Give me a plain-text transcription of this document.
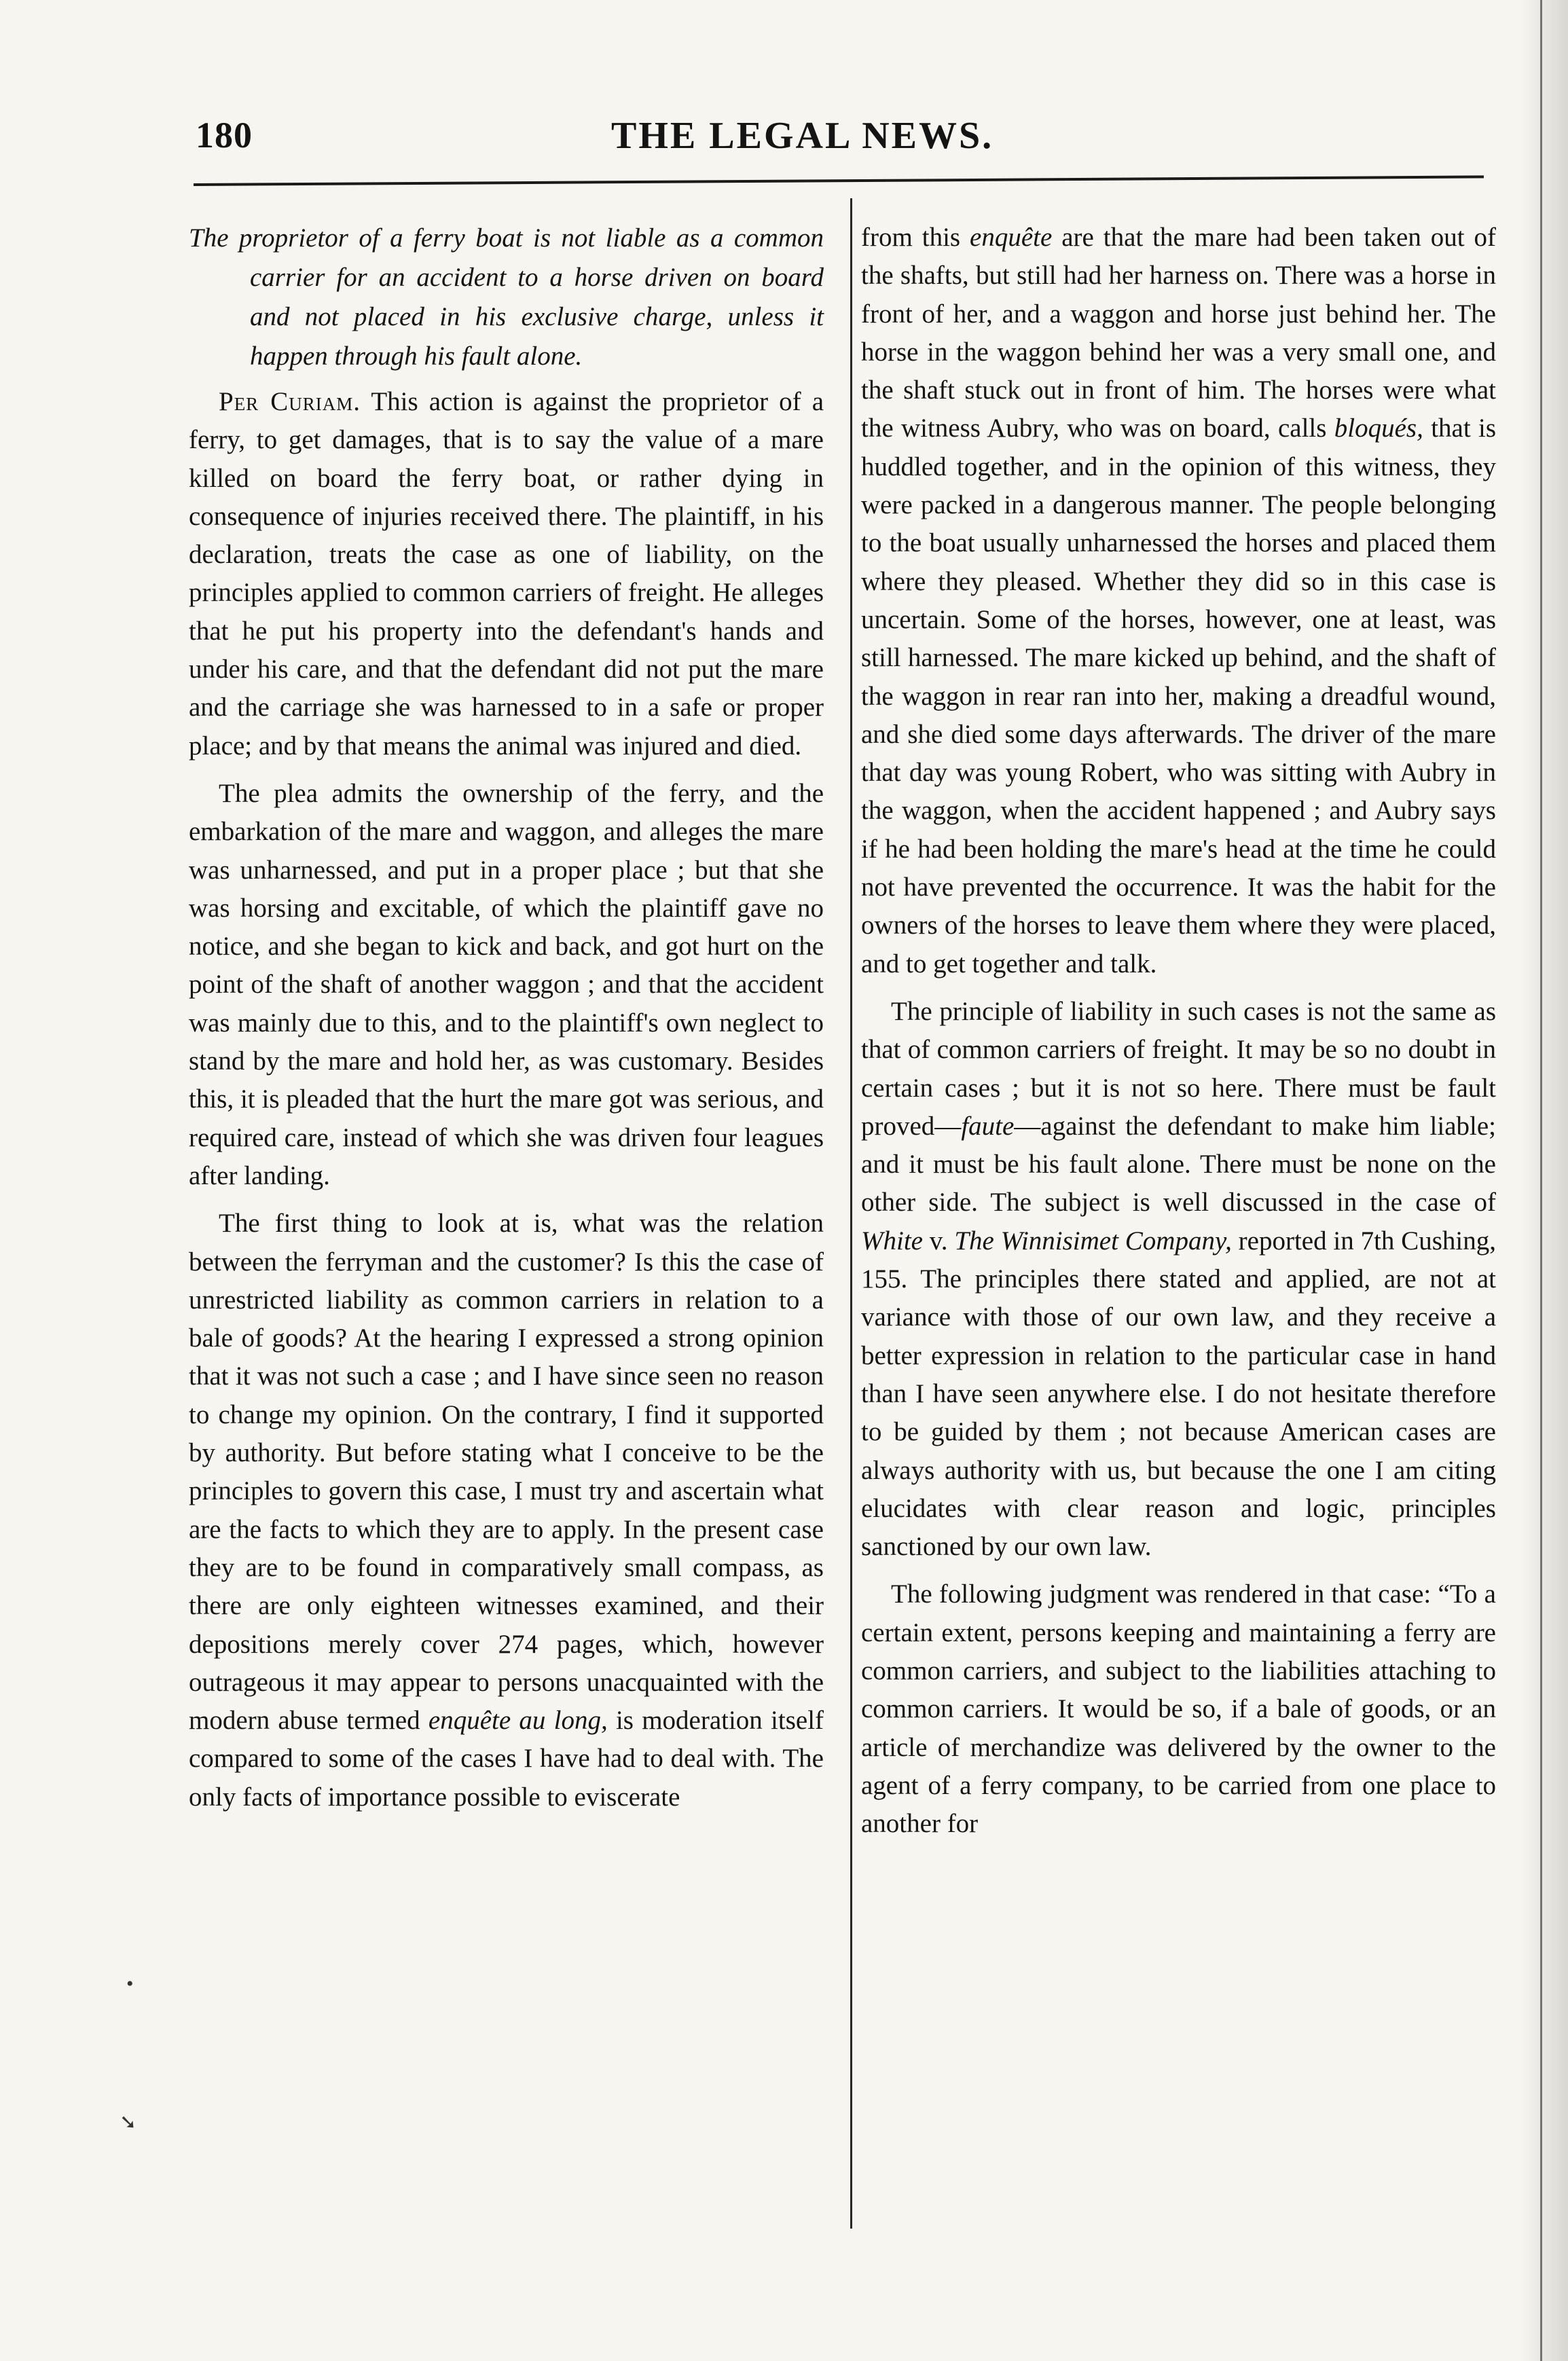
180	THE LEGAL NEWS.
The proprietor of a ferry boat is not liable as a common carrier for an accident to a horse driven on board and not placed in his exclusive charge, unless it happen through his fault alone.

Per Curiam. This action is against the proprietor of a ferry, to get damages, that is to say the value of a mare killed on board the ferry boat, or rather dying in consequence of injuries received there. The plaintiff, in his declaration, treats the case as one of liability, on the principles applied to common carriers of freight. He alleges that he put his property into the defendant's hands and under his care, and that the defendant did not put the mare and the carriage she was harnessed to in a safe or proper place; and by that means the animal was injured and died.

The plea admits the ownership of the ferry, and the embarkation of the mare and waggon, and alleges the mare was unharnessed, and put in a proper place ; but that she was horsing and excitable, of which the plaintiff gave no notice, and she began to kick and back, and got hurt on the point of the shaft of another waggon ; and that the accident was mainly due to this, and to the plaintiff's own neglect to stand by the mare and hold her, as was customary. Besides this, it is pleaded that the hurt the mare got was serious, and required care, instead of which she was driven four leagues after landing.

The first thing to look at is, what was the relation between the ferryman and the customer? Is this the case of unrestricted liability as common carriers in relation to a bale of goods? At the hearing I expressed a strong opinion that it was not such a case ; and I have since seen no reason to change my opinion. On the contrary, I find it supported by authority. But before stating what I conceive to be the principles to govern this case, I must try and ascertain what are the facts to which they are to apply. In the present case they are to be found in comparatively small compass, as there are only eighteen witnesses examined, and their depositions merely cover 274 pages, which, however outrageous it may appear to persons unacquainted with the modern abuse termed enquête au long, is moderation itself compared to some of the cases I have had to deal with. The only facts of importance possible to eviscerate

from this enquête are that the mare had been taken out of the shafts, but still had her harness on. There was a horse in front of her, and a waggon and horse just behind her. The horse in the waggon behind her was a very small one, and the shaft stuck out in front of him. The horses were what the witness Aubry, who was on board, calls bloqués, that is huddled together, and in the opinion of this witness, they were packed in a dangerous manner. The people belonging to the boat usually unharnessed the horses and placed them where they pleased. Whether they did so in this case is uncertain. Some of the horses, however, one at least, was still harnessed. The mare kicked up behind, and the shaft of the waggon in rear ran into her, making a dreadful wound, and she died some days afterwards. The driver of the mare that day was young Robert, who was sitting with Aubry in the waggon, when the accident happened ; and Aubry says if he had been holding the mare's head at the time he could not have prevented the occurrence. It was the habit for the owners of the horses to leave them where they were placed, and to get together and talk.

The principle of liability in such cases is not the same as that of common carriers of freight. It may be so no doubt in certain cases ; but it is not so here. There must be fault proved—faute—against the defendant to make him liable; and it must be his fault alone. There must be none on the other side. The subject is well discussed in the case of White v. The Winnisimet Company, reported in 7th Cushing, 155. The principles there stated and applied, are not at variance with those of our own law, and they receive a better expression in relation to the particular case in hand than I have seen anywhere else. I do not hesitate therefore to be guided by them ; not because American cases are always authority with us, but because the one I am citing elucidates with clear reason and logic, principles sanctioned by our own law.

The following judgment was rendered in that case: “To a certain extent, persons keeping and maintaining a ferry are common carriers, and subject to the liabilities attaching to common carriers. It would be so, if a bale of goods, or an article of merchandize was delivered by the owner to the agent of a ferry company, to be carried from one place to another for

•
➘
